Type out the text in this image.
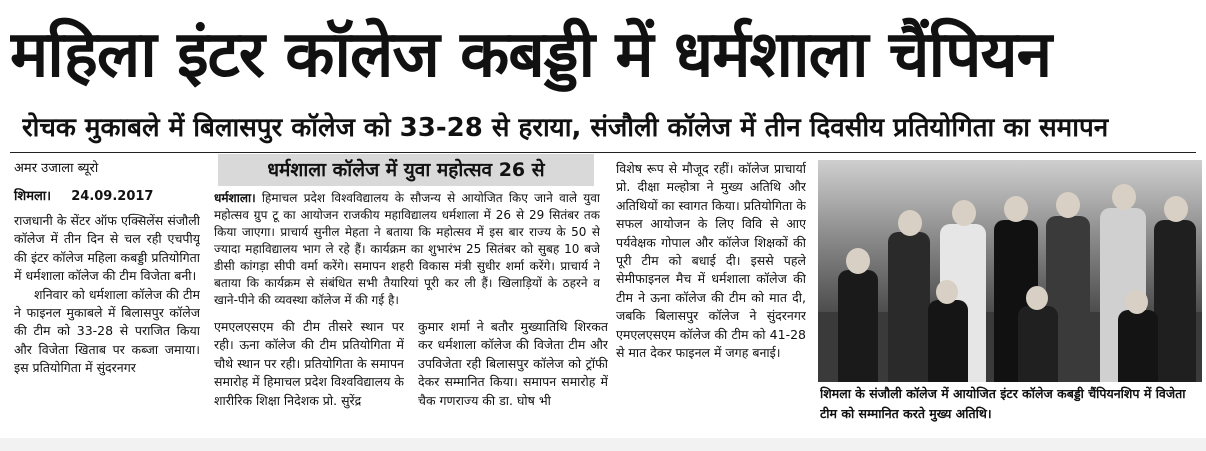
महिला इंटर कॉलेज कबड्डी में धर्मशाला चैंपियन
रोचक मुकाबले में बिलासपुर कॉलेज को 33-28 से हराया, संजौली कॉलेज में तीन दिवसीय प्रतियोगिता का समापन
अमर उजाला ब्यूरो
शिमला। 24.09.2017

राजधानी के सेंटर ऑफ एक्सिलेंस संजौली कॉलेज में तीन दिन से चल रही एचपीयू की इंटर कॉलेज महिला कबड्डी प्रतियोगिता में धर्मशाला कॉलेज की टीम विजेता बनी।

शनिवार को धर्मशाला कॉलेज की टीम ने फाइनल मुकाबले में बिलासपुर कॉलेज की टीम को 33-28 से पराजित किया और विजेता खिताब पर कब्जा जमाया। इस प्रतियोगिता में सुंदरनगर

धर्मशाला कॉलेज में युवा महोत्सव 26 से
धर्मशाला। हिमाचल प्रदेश विश्वविद्यालय के सौजन्य से आयोजित किए जाने वाले युवा महोत्सव ग्रुप टू का आयोजन राजकीय महाविद्यालय धर्मशाला में 26 से 29 सितंबर तक किया जाएगा। प्राचार्य सुनील मेहता ने बताया कि महोत्सव में इस बार राज्य के 50 से ज्यादा महाविद्यालय भाग ले रहे हैं। कार्यक्रम का शुभारंभ 25 सितंबर को सुबह 10 बजे डीसी कांगड़ा सीपी वर्मा करेंगे। समापन शहरी विकास मंत्री सुधीर शर्मा करेंगे। प्राचार्य ने बताया कि कार्यक्रम से संबंधित सभी तैयारियां पूरी कर ली हैं। खिलाड़ियों के ठहरने व खाने-पीने की व्यवस्था कॉलेज में की गई है।
एमएलएसएम की टीम तीसरे स्थान पर रही। ऊना कॉलेज की टीम प्रतियोगिता में चौथे स्थान पर रही। प्रतियोगिता के समापन समारोह में हिमाचल प्रदेश विश्वविद्यालय के शारीरिक शिक्षा निदेशक प्रो. सुरेंद्र
कुमार शर्मा ने बतौर मुख्यातिथि शिरकत कर धर्मशाला कॉलेज की विजेता टीम और उपविजेता रही बिलासपुर कॉलेज को ट्रॉफी देकर सम्मानित किया। समापन समारोह में चैक गणराज्य की डा. घोष भी
विशेष रूप से मौजूद रहीं। कॉलेज प्राचार्या प्रो. दीक्षा मल्होत्रा ने मुख्य अतिथि और अतिथियों का स्वागत किया। प्रतियोगिता के सफल आयोजन के लिए विवि से आए पर्यवेक्षक गोपाल और कॉलेज शिक्षकों की पूरी टीम को बधाई दी। इससे पहले सेमीफाइनल मैच में धर्मशाला कॉलेज की टीम ने ऊना कॉलेज की टीम को मात दी, जबकि बिलासपुर कॉलेज ने सुंदरनगर एमएलएसएम कॉलेज की टीम को 41-28 से मात देकर फाइनल में जगह बनाई।
शिमला के संजौली कॉलेज में आयोजित इंटर कॉलेज कबड्डी चैंपियनशिप में विजेता टीम को सम्मानित करते मुख्य अतिथि।
